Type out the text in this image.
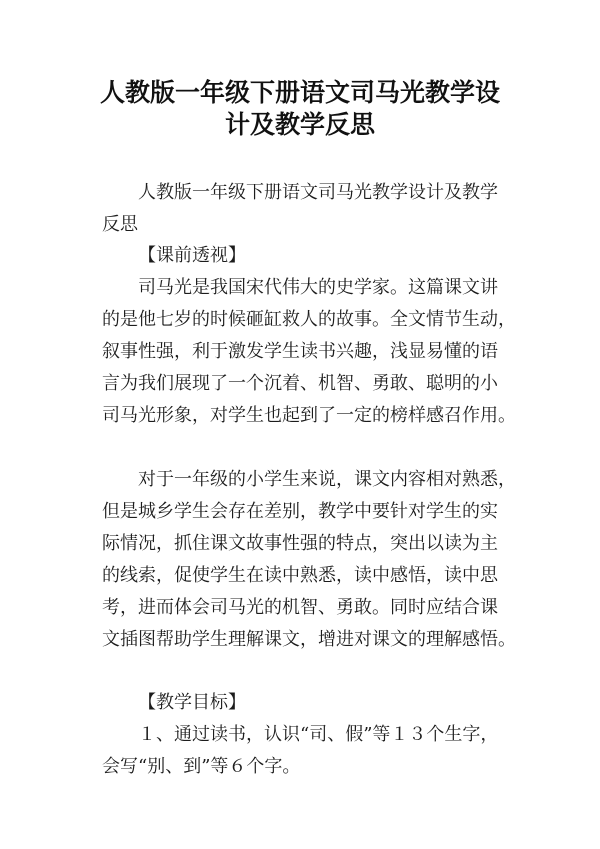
人教版一年级下册语文司马光教学设
计及教学反思

人教版一年级下册语文司马光教学设计及教学

反思

【课前透视】

司马光是我国宋代伟大的史学家。这篇课文讲

的是他七岁的时候砸缸救人的故事。全文情节生动，

叙事性强，利于激发学生读书兴趣，浅显易懂的语

言为我们展现了一个沉着、机智、勇敢、聪明的小

司马光形象，对学生也起到了一定的榜样感召作用。

对于一年级的小学生来说，课文内容相对熟悉，

但是城乡学生会存在差别，教学中要针对学生的实

际情况，抓住课文故事性强的特点，突出以读为主

的线索，促使学生在读中熟悉，读中感悟，读中思

考，进而体会司马光的机智、勇敢。同时应结合课

文插图帮助学生理解课文，增进对课文的理解感悟。

【教学目标】

１、通过读书，认识“司、假”等１３个生字，

会写“别、到”等６个字。
